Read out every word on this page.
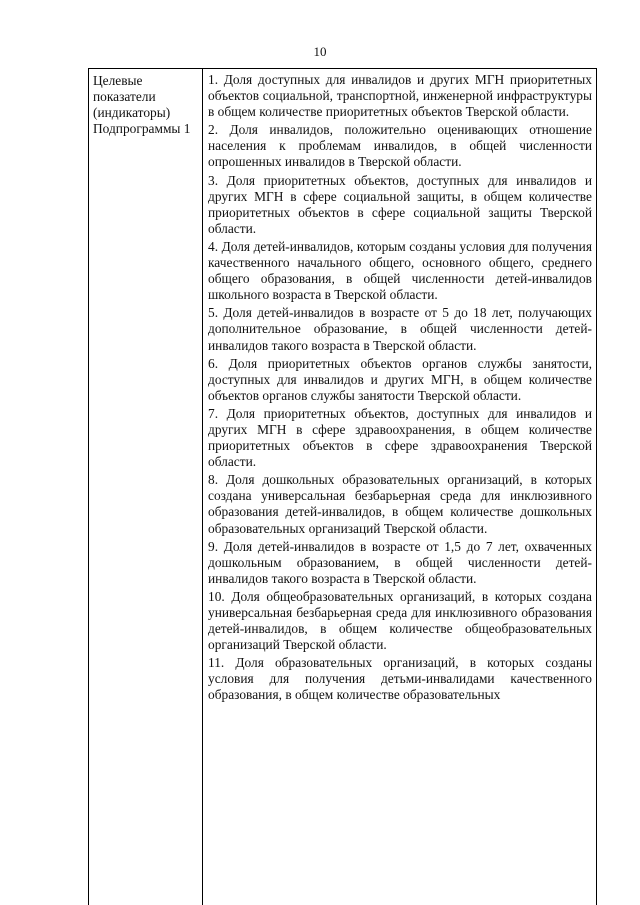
10
Целевые
показатели
(индикаторы)
Подпрограммы 1

1. Доля доступных для инвалидов и других МГН приоритетных объектов социальной, транспортной, инженерной инфраструктуры в общем количестве приоритетных объектов Тверской области.

2. Доля инвалидов, положительно оценивающих отношение населения к проблемам инвалидов, в общей численности опрошенных инвалидов в Тверской области.

3. Доля приоритетных объектов, доступных для инвалидов и других МГН в сфере социальной защиты, в общем количестве приоритетных объектов в сфере социальной защиты Тверской области.

4. Доля детей-инвалидов, которым созданы условия для получения качественного начального общего, основного общего, среднего общего образования, в общей численности детей-инвалидов школьного возраста в Тверской области.

5. Доля детей-инвалидов в возрасте от 5 до 18 лет, получающих дополнительное образование, в общей численности детей-инвалидов такого возраста в Тверской области.

6. Доля приоритетных объектов органов службы занятости, доступных для инвалидов и других МГН, в общем количестве объектов органов службы занятости Тверской области.

7. Доля приоритетных объектов, доступных для инвалидов и других МГН в сфере здравоохранения, в общем количестве приоритетных объектов в сфере здравоохранения Тверской области.

8. Доля дошкольных образовательных организаций, в которых создана универсальная безбарьерная среда для инклюзивного образования детей-инвалидов, в общем количестве дошкольных образовательных организаций Тверской области.

9. Доля детей-инвалидов в возрасте от 1,5 до 7 лет, охваченных дошкольным образованием, в общей численности детей-инвалидов такого возраста в Тверской области.

10. Доля общеобразовательных организаций, в которых создана универсальная безбарьерная среда для инклюзивного образования детей-инвалидов, в общем количестве общеобразовательных организаций Тверской области.

11. Доля образовательных организаций, в которых созданы условия для получения детьми-инвалидами качественного образования, в общем количестве образовательных
